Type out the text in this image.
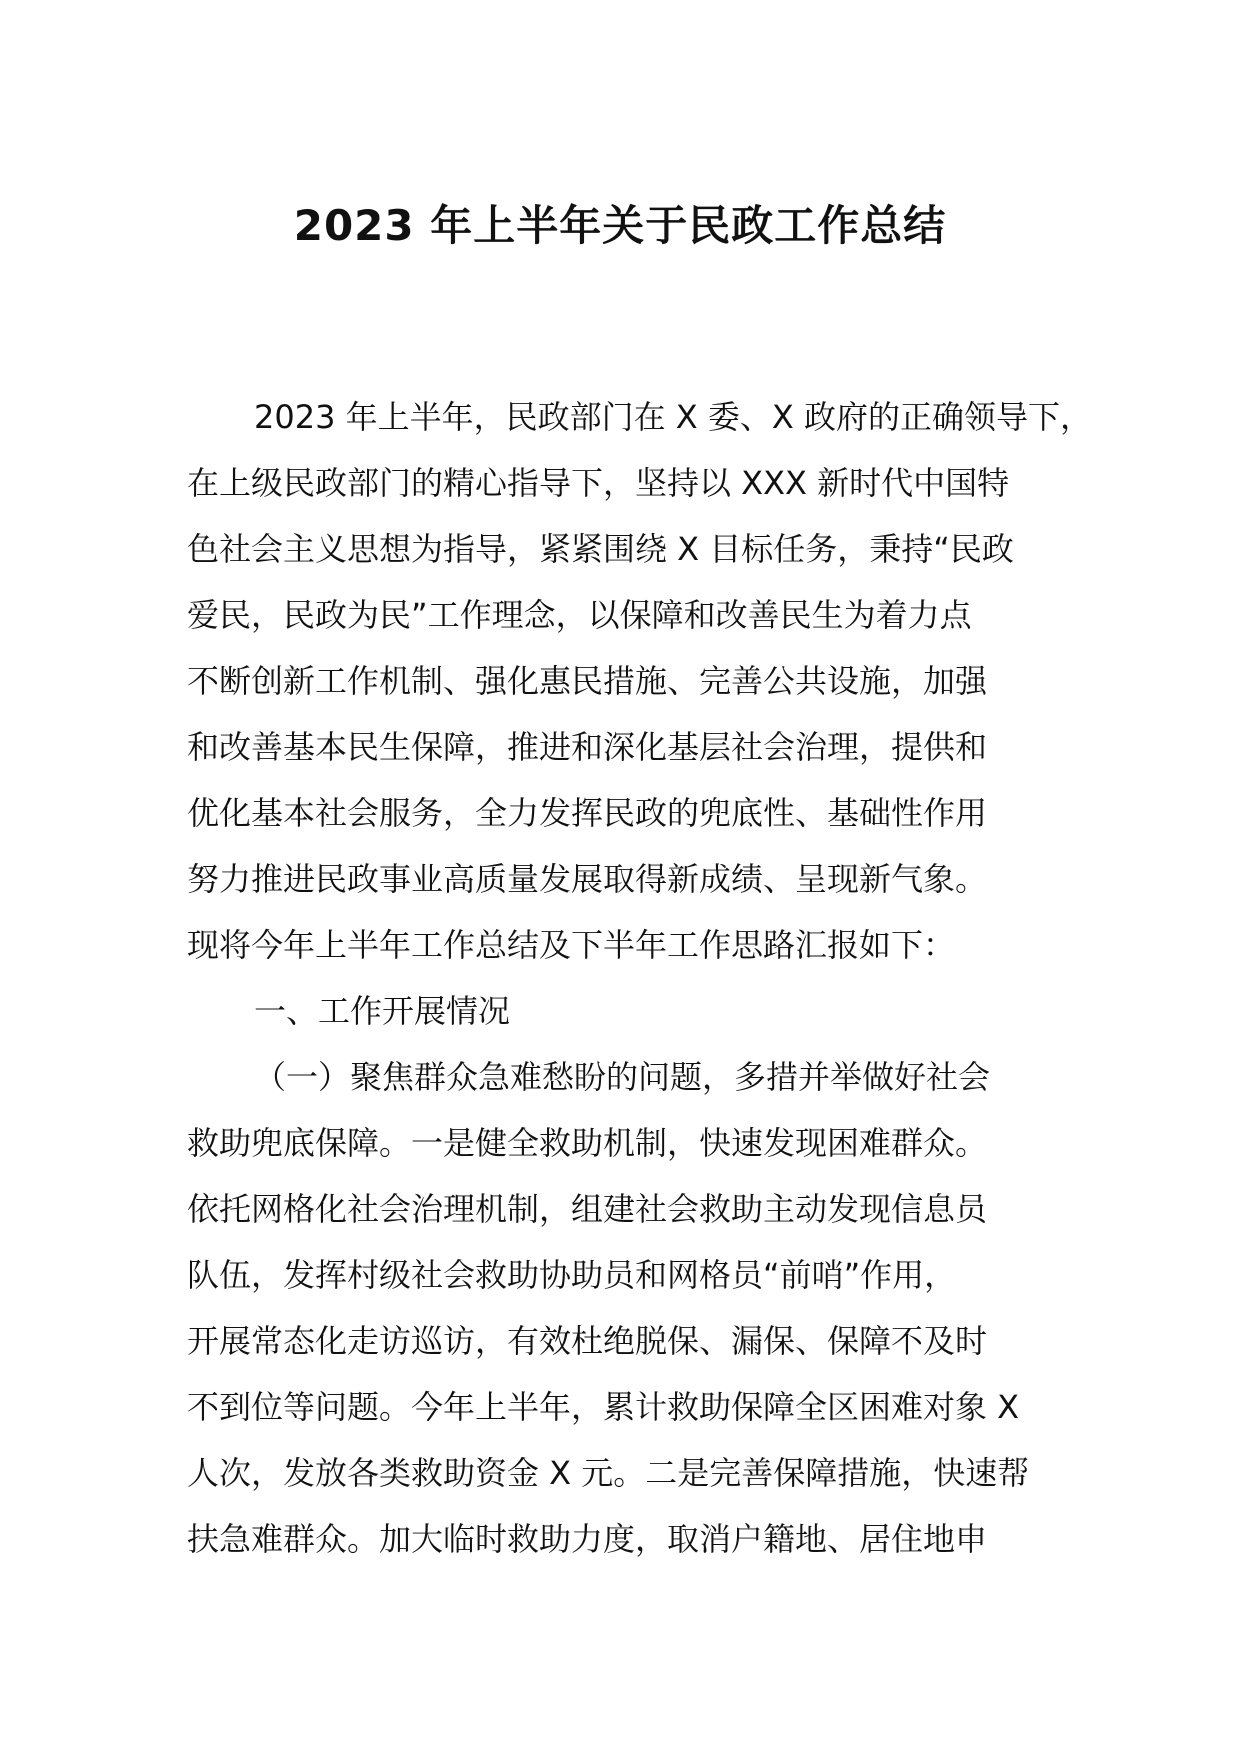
2023 年上半年关于民政工作总结
2023 年上半年，民政部门在 X 委、X 政府的正确领导下，
在上级民政部门的精心指导下，坚持以 XXX 新时代中国特
色社会主义思想为指导，紧紧围绕 X 目标任务，秉持“民政
爱民，民政为民”工作理念，以保障和改善民生为着力点
不断创新工作机制、强化惠民措施、完善公共设施，加强
和改善基本民生保障，推进和深化基层社会治理，提供和
优化基本社会服务，全力发挥民政的兜底性、基础性作用
努力推进民政事业高质量发展取得新成绩、呈现新气象。
现将今年上半年工作总结及下半年工作思路汇报如下：
一、工作开展情况
（一）聚焦群众急难愁盼的问题，多措并举做好社会
救助兜底保障。一是健全救助机制，快速发现困难群众。
依托网格化社会治理机制，组建社会救助主动发现信息员
队伍，发挥村级社会救助协助员和网格员“前哨”作用，
开展常态化走访巡访，有效杜绝脱保、漏保、保障不及时
不到位等问题。今年上半年，累计救助保障全区困难对象 X
人次，发放各类救助资金 X 元。二是完善保障措施，快速帮
扶急难群众。加大临时救助力度，取消户籍地、居住地申
